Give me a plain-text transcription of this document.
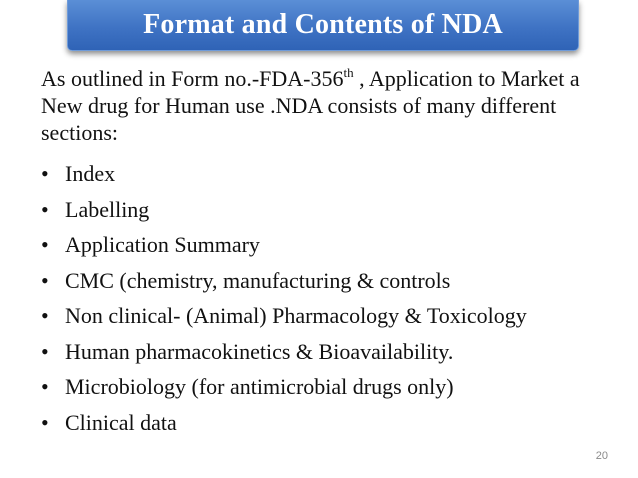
Format and Contents of NDA

As outlined in Form no.-FDA-356th , Application to Market a New drug for Human use .NDA consists of many different sections:

• Index
• Labelling
• Application Summary
• CMC (chemistry, manufacturing & controls
• Non clinical- (Animal) Pharmacology & Toxicology
• Human pharmacokinetics & Bioavailability.
• Microbiology (for antimicrobial drugs only)
• Clinical data
20
